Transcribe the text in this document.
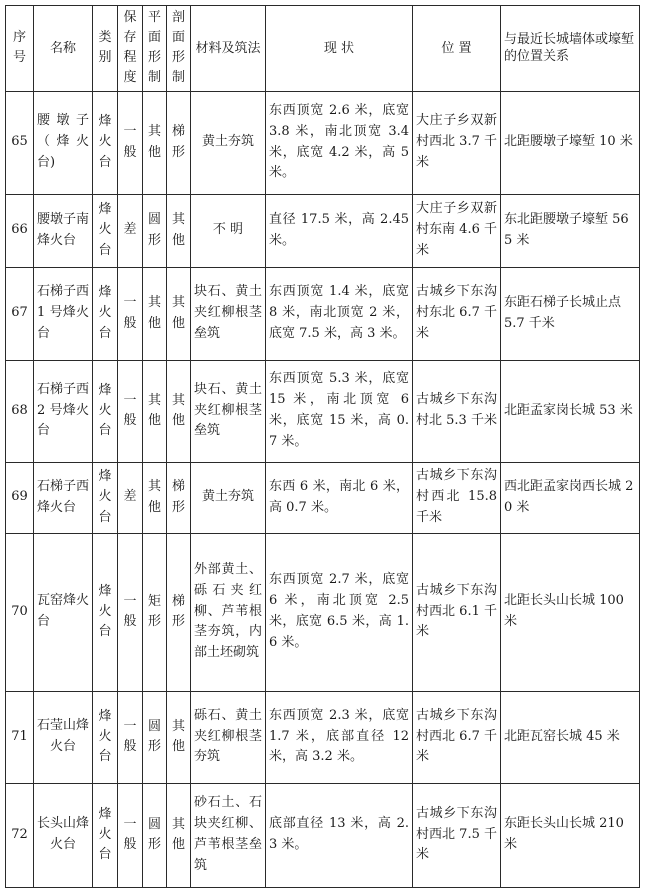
序号	名称	类别	保存程度	平面形制	剖面形制	材料及筑法	现 状	位 置	与最近长城墙体或壕堑的位置关系
65	腰墩子（烽火台)	烽火台	一般	其他	梯形	黄土夯筑	东西顶宽 2.6 米，底宽 3.8 米，南北顶宽 3.4 米，底宽 4.2 米，高 5 米。	大庄子乡双新村西北 3.7 千米	北距腰墩子壕堑 10 米
66	腰墩子南烽火台	烽火台	差	圆形	其他	不 明	直径 17.5 米，高 2.45 米。	大庄子乡双新村东南 4.6 千米	东北距腰墩子壕堑 565 米
67	石梯子西 1 号烽火台	烽火台	一般	其他	其他	块石、黄土夹红柳根茎垒筑	东西顶宽 1.4 米，底宽 8 米，南北顶宽 2 米，底宽 7.5 米，高 3 米。	古城乡下东沟村东北 6.7 千米	东距石梯子长城止点 5.7 千米
68	石梯子西 2 号烽火台	烽火台	一般	其他	其他	块石、黄土夹红柳根茎垒筑	东西顶宽 5.3 米，底宽 15 米，南北顶宽 6 米，底宽 15 米，高 0.7 米。	古城乡下东沟村北 5.3 千米	北距孟家岗长城 53 米
69	石梯子西烽火台	烽火台	差	其他	梯形	黄土夯筑	东西 6 米，南北 6 米，高 0.7 米。	古城乡下东沟村西北 15.8 千米	西北距孟家岗西长城 20 米
70	瓦窑烽火台	烽火台	一般	矩形	梯形	外部黄土、砾石夹红柳、芦苇根茎夯筑，内部土坯砌筑	东西顶宽 2.7 米，底宽 6 米，南北顶宽 2.5 米，底宽 6.5 米，高 1.6 米。	古城乡下东沟村西北 6.1 千米	北距长头山长城 100 米
71	石莹山烽火台	烽火台	一般	圆形	其他	砾石、黄土夹红柳根茎夯筑	东西顶宽 2.3 米，底宽 1.7 米，底部直径 12 米，高 3.2 米。	古城乡下东沟村西北 6.7 千米	北距瓦窑长城 45 米
72	长头山烽火台	烽火台	一般	圆形	其他	砂石土、石块夹红柳、芦苇根茎垒筑	底部直径 13 米，高 2.3 米。	古城乡下东沟村西北 7.5 千米	东距长头山长城 210 米
